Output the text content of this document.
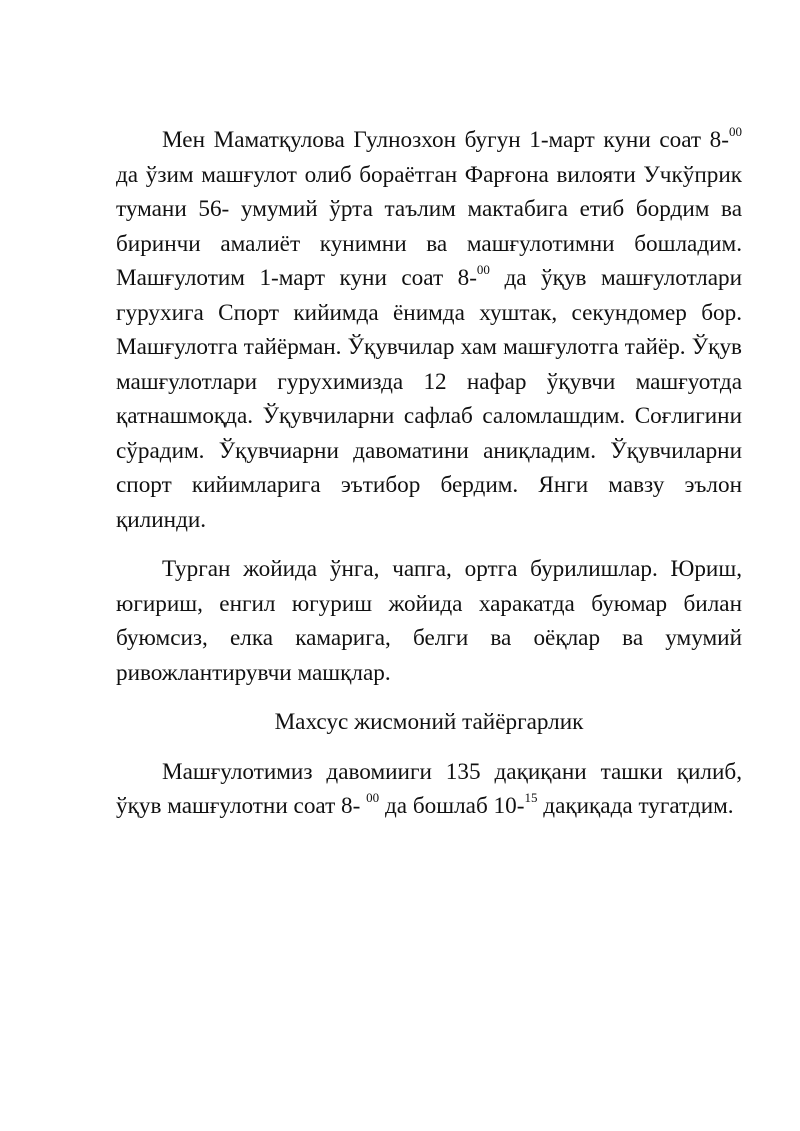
Мен Маматқулова Гулнозхон бугун 1-март куни соат 8-$^{00}$ да ўзим машғулот олиб бораётган Фарғона вилояти Учкўприк тумани 56- умумий ўрта таълим мактабига етиб бордим ва биринчи амалиёт кунимни ва машғулотимни бошладим. Машғулотим 1-март куни соат 8-$^{00}$ да ўқув машғулотлари гурухига Спорт кийимда ёнимда хуштак, секундомер бор. Машғулотга тайёрман. Ўқувчилар хам машғулотга тайёр. Ўқув машғулотлари гурухимизда 12 нафар ўқувчи машғуотда қатнашмоқда. Ўқувчиларни сафлаб саломлашдим. Соғлигини сўрадим. Ўқувчиарни давоматини аниқладим. Ўқувчиларни спорт кийимларига эътибор бердим. Янги мавзу эълон қилинди.

Турган жойида ўнга, чапга, ортга бурилишлар. Юриш, югириш, енгил югуриш жойида харакатда буюмар билан буюмсиз, елка камарига, белги ва оёқлар ва умумий ривожлантирувчи машқлар.

Махсус жисмоний тайёргарлик

Машғулотимиз давомииги 135 дақиқани ташки қилиб, ўқув машғулотни соат 8- $^{00}$ да бошлаб 10-$^{15}$ дақиқада тугатдим.
